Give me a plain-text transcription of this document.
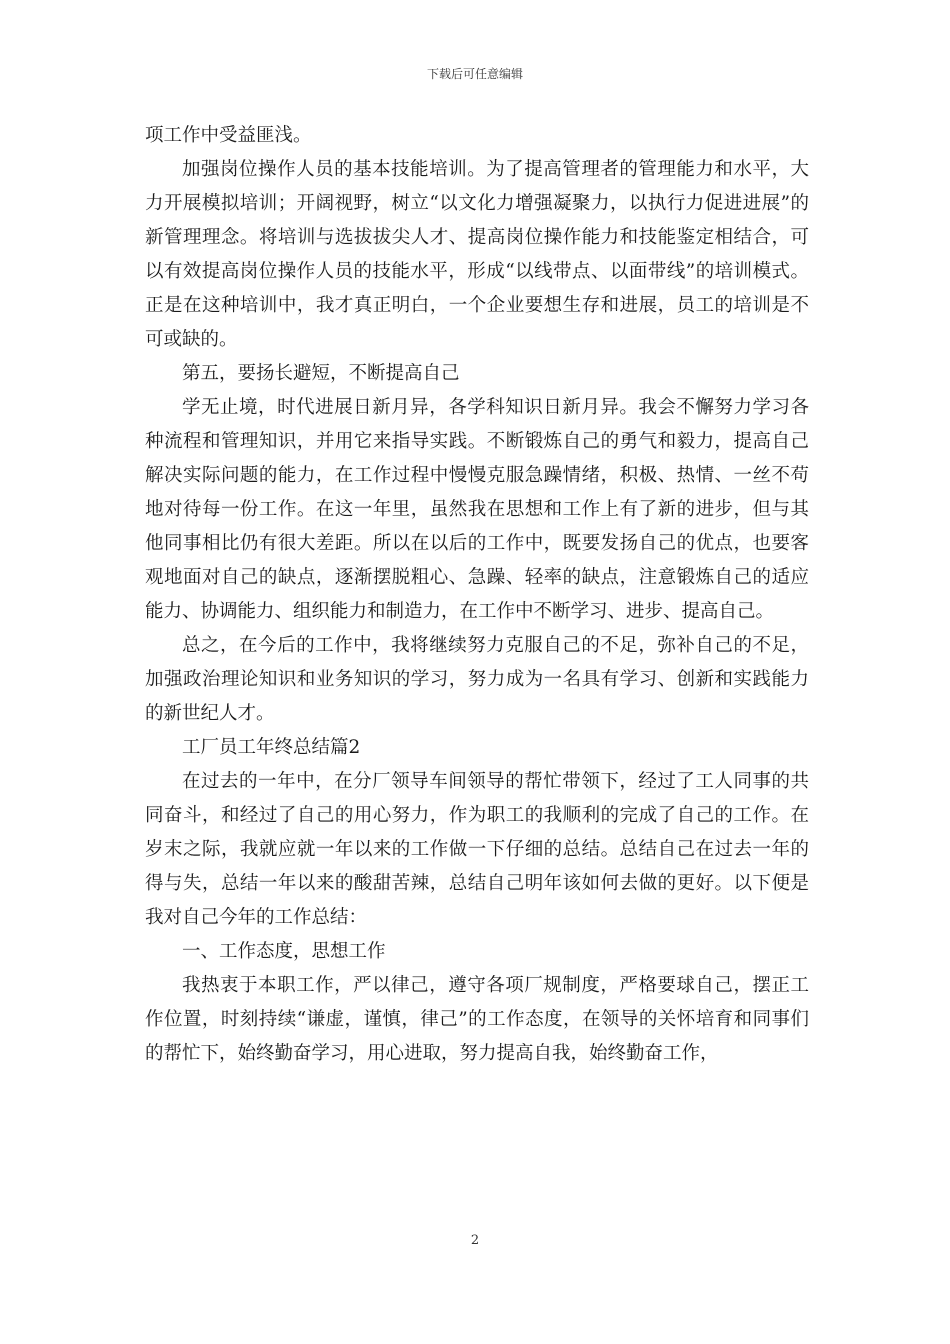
下载后可任意编辑

项工作中受益匪浅。

加强岗位操作人员的基本技能培训。为了提高管理者的管理能力和水平，大力开展模拟培训；开阔视野，树立“以文化力增强凝聚力，以执行力促进进展”的新管理理念。将培训与选拔拔尖人才、提高岗位操作能力和技能鉴定相结合，可以有效提高岗位操作人员的技能水平，形成“以线带点、以面带线”的培训模式。正是在这种培训中，我才真正明白，一个企业要想生存和进展，员工的培训是不可或缺的。

第五，要扬长避短，不断提高自己

学无止境，时代进展日新月异，各学科知识日新月异。我会不懈努力学习各种流程和管理知识，并用它来指导实践。不断锻炼自己的勇气和毅力，提高自己解决实际问题的能力，在工作过程中慢慢克服急躁情绪，积极、热情、一丝不苟地对待每一份工作。在这一年里，虽然我在思想和工作上有了新的进步，但与其他同事相比仍有很大差距。所以在以后的工作中，既要发扬自己的优点，也要客观地面对自己的缺点，逐渐摆脱粗心、急躁、轻率的缺点，注意锻炼自己的适应能力、协调能力、组织能力和制造力，在工作中不断学习、进步、提高自己。

总之，在今后的工作中，我将继续努力克服自己的不足，弥补自己的不足，加强政治理论知识和业务知识的学习，努力成为一名具有学习、创新和实践能力的新世纪人才。

工厂员工年终总结篇2

在过去的一年中，在分厂领导车间领导的帮忙带领下，经过了工人同事的共同奋斗，和经过了自己的用心努力，作为职工的我顺利的完成了自己的工作。在岁末之际，我就应就一年以来的工作做一下仔细的总结。总结自己在过去一年的得与失，总结一年以来的酸甜苦辣，总结自己明年该如何去做的更好。以下便是我对自己今年的工作总结：

一、工作态度，思想工作

我热衷于本职工作，严以律己，遵守各项厂规制度，严格要球自己，摆正工作位置，时刻持续“谦虚，谨慎，律己”的工作态度，在领导的关怀培育和同事们的帮忙下，始终勤奋学习，用心进取，努力提高自我，始终勤奋工作，

2
